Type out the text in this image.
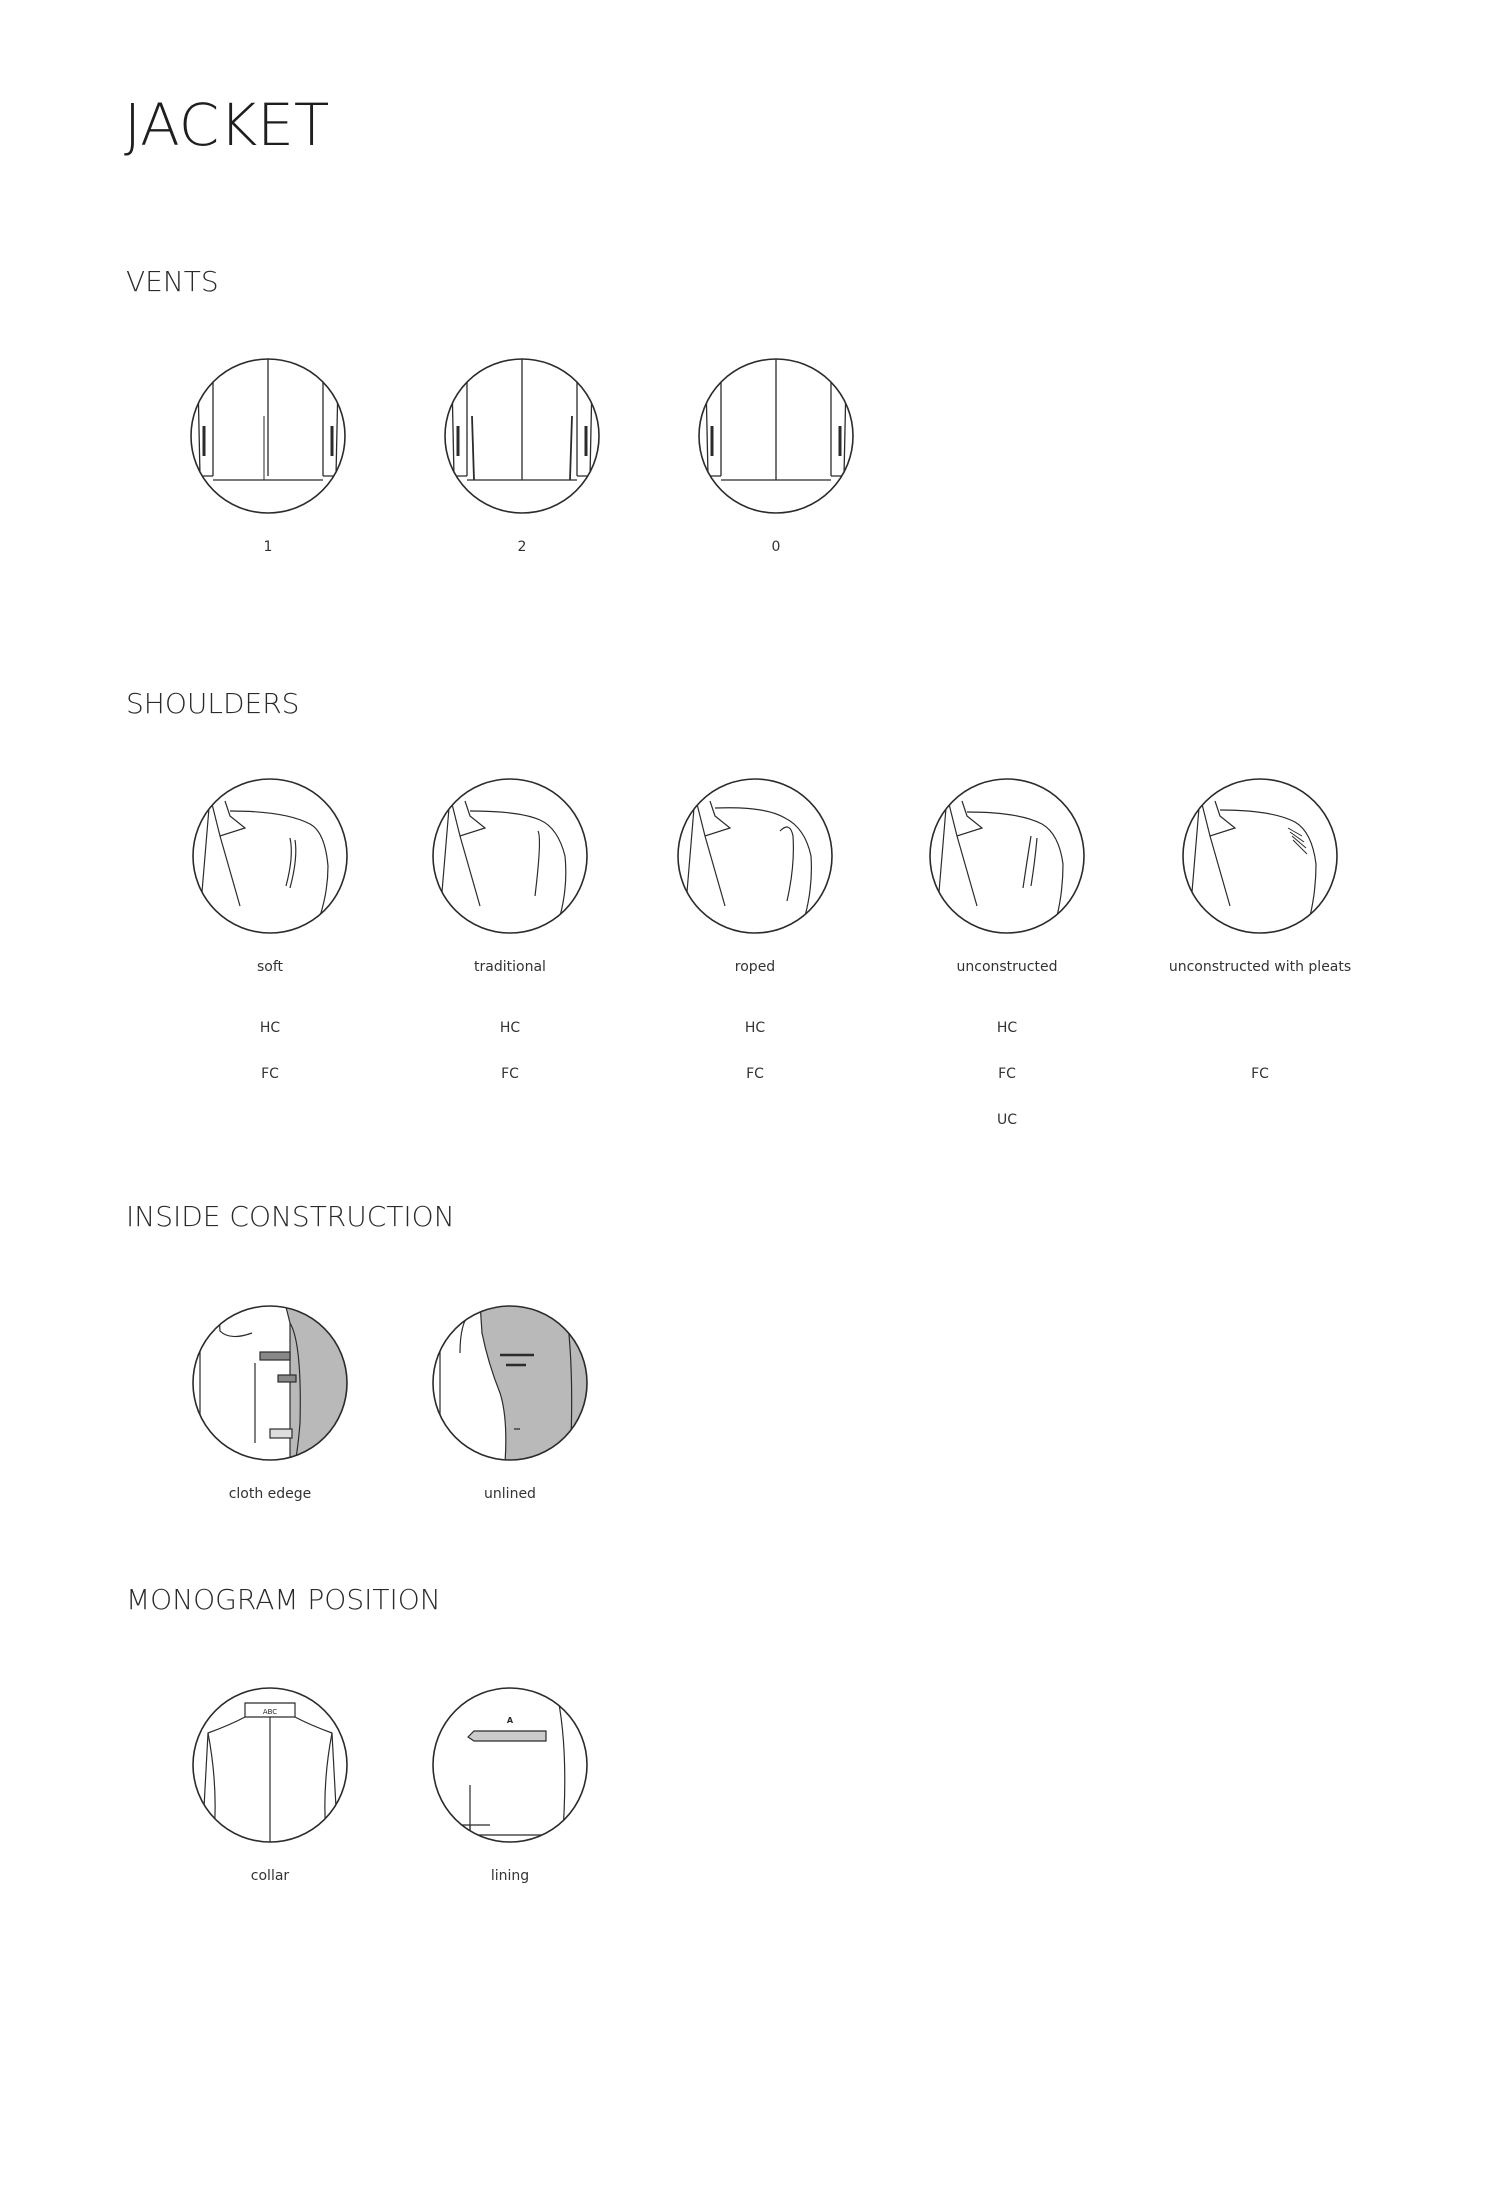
JACKET
VENTS
1	2	0
SHOULDERS
soft
HC
FC
traditional
HC
FC
roped
HC
FC
unconstructed
HC
FC
UC
unconstructed with pleats
FC
INSIDE CONSTRUCTION
cloth edege	unlined
MONOGRAM POSITION
ABC
collar
A
lining
